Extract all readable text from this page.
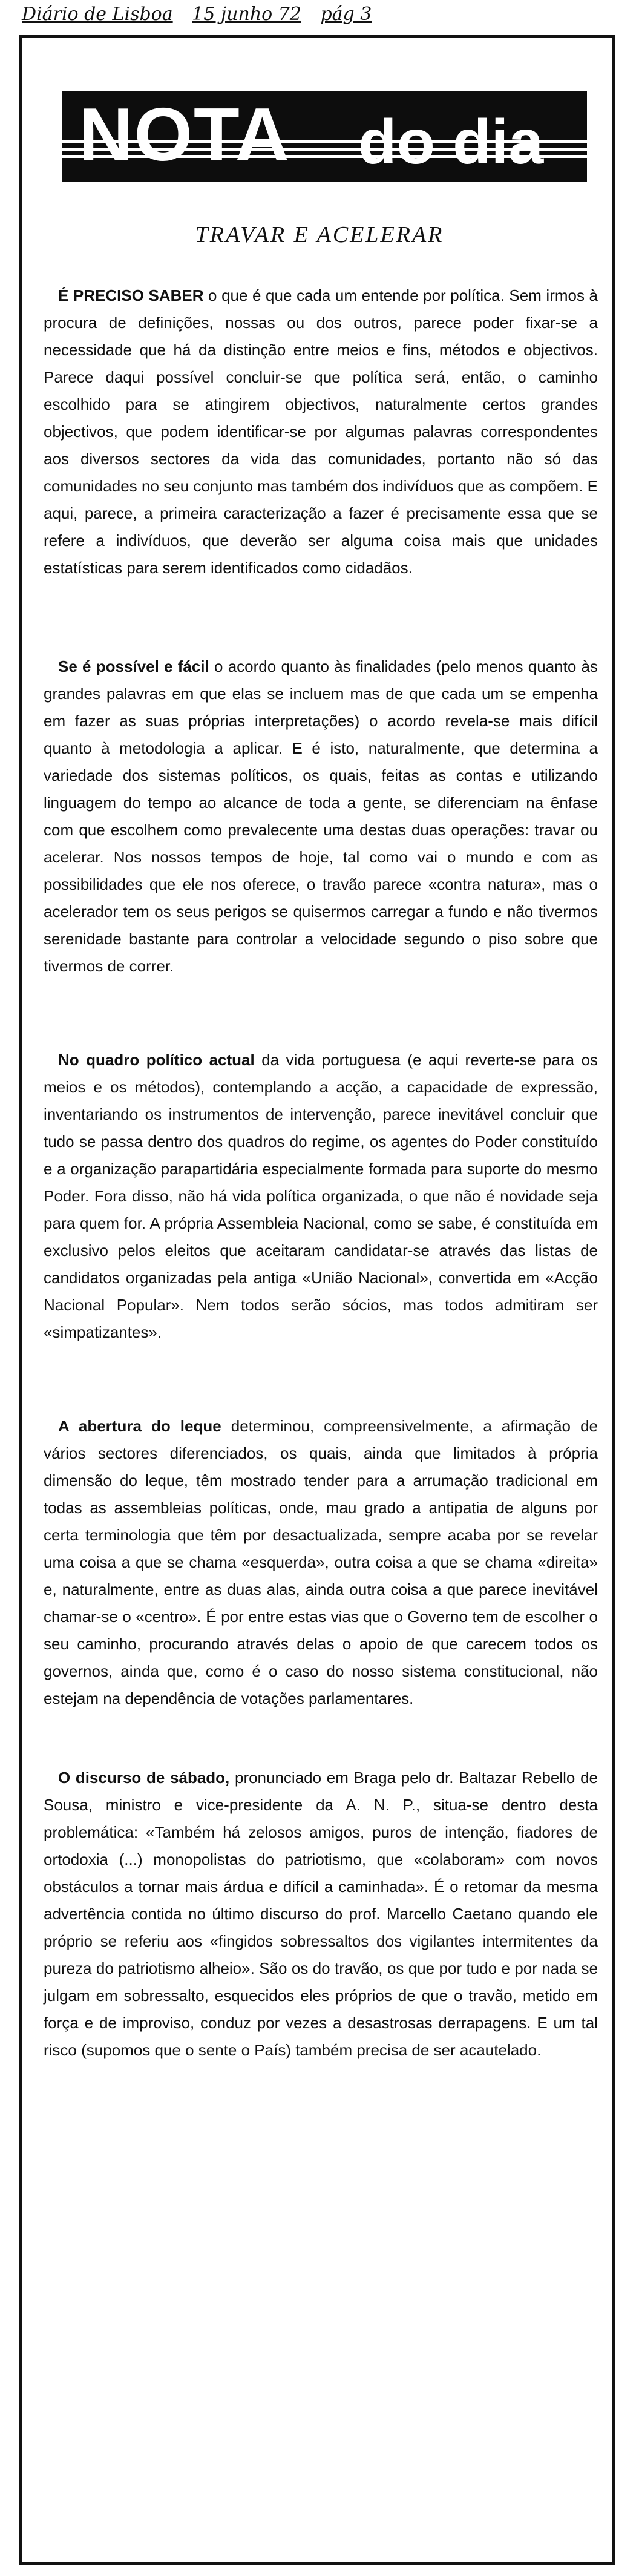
Diário de Lisboa 15 junho 72 pág 3
NOTA do dia
TRAVAR E ACELERAR

É PRECISO SABER o que é que cada um entende por política. Sem irmos à procura de definições, nossas ou dos outros, parece poder fixar-se a necessidade que há da distinção entre meios e fins, métodos e objectivos. Parece daqui possível concluir-se que política será, então, o caminho escolhido para se atingirem objectivos, naturalmente certos grandes objectivos, que podem identificar-se por algumas palavras correspondentes aos diversos sectores da vida das comunidades, portanto não só das comunidades no seu conjunto mas também dos indivíduos que as compõem. E aqui, parece, a primeira caracterização a fazer é precisamente essa que se refere a indivíduos, que deverão ser alguma coisa mais que unidades estatísticas para serem identificados como cidadãos.

Se é possível e fácil o acordo quanto às finalidades (pelo menos quanto às grandes palavras em que elas se incluem mas de que cada um se empenha em fazer as suas próprias interpretações) o acordo revela-se mais difícil quanto à metodologia a aplicar. E é isto, naturalmente, que determina a variedade dos sistemas políticos, os quais, feitas as contas e utilizando linguagem do tempo ao alcance de toda a gente, se diferenciam na ênfase com que escolhem como prevalecente uma destas duas operações: travar ou acelerar. Nos nossos tempos de hoje, tal como vai o mundo e com as possibilidades que ele nos oferece, o travão parece «contra natura», mas o acelerador tem os seus perigos se quisermos carregar a fundo e não tivermos serenidade bastante para controlar a velocidade segundo o piso sobre que tivermos de correr.

No quadro político actual da vida portuguesa (e aqui reverte-se para os meios e os métodos), contemplando a acção, a capacidade de expressão, inventariando os instrumentos de intervenção, parece inevitável concluir que tudo se passa dentro dos quadros do regime, os agentes do Poder constituído e a organização parapartidária especialmente formada para suporte do mesmo Poder. Fora disso, não há vida política organizada, o que não é novidade seja para quem for. A própria Assembleia Nacional, como se sabe, é constituída em exclusivo pelos eleitos que aceitaram candidatar-se através das listas de candidatos organizadas pela antiga «União Nacional», convertida em «Acção Nacional Popular». Nem todos serão sócios, mas todos admitiram ser «simpatizantes».

A abertura do leque determinou, compreensivelmente, a afirmação de vários sectores diferenciados, os quais, ainda que limitados à própria dimensão do leque, têm mostrado tender para a arrumação tradicional em todas as assembleias políticas, onde, mau grado a antipatia de alguns por certa terminologia que têm por desactualizada, sempre acaba por se revelar uma coisa a que se chama «esquerda», outra coisa a que se chama «direita» e, naturalmente, entre as duas alas, ainda outra coisa a que parece inevitável chamar-se o «centro». É por entre estas vias que o Governo tem de escolher o seu caminho, procurando através delas o apoio de que carecem todos os governos, ainda que, como é o caso do nosso sistema constitucional, não estejam na dependência de votações parlamentares.

O discurso de sábado, pronunciado em Braga pelo dr. Baltazar Rebello de Sousa, ministro e vice-presidente da A. N. P., situa-se dentro desta problemática: «Também há zelosos amigos, puros de intenção, fiadores de ortodoxia (...) monopolistas do patriotismo, que «colaboram» com novos obstáculos a tornar mais árdua e difícil a caminhada». É o retomar da mesma advertência contida no último discurso do prof. Marcello Caetano quando ele próprio se referiu aos «fingidos sobressaltos dos vigilantes intermitentes da pureza do patriotismo alheio». São os do travão, os que por tudo e por nada se julgam em sobressalto, esquecidos eles próprios de que o travão, metido em força e de improviso, conduz por vezes a desastrosas derrapagens. E um tal risco (supomos que o sente o País) também precisa de ser acautelado.
